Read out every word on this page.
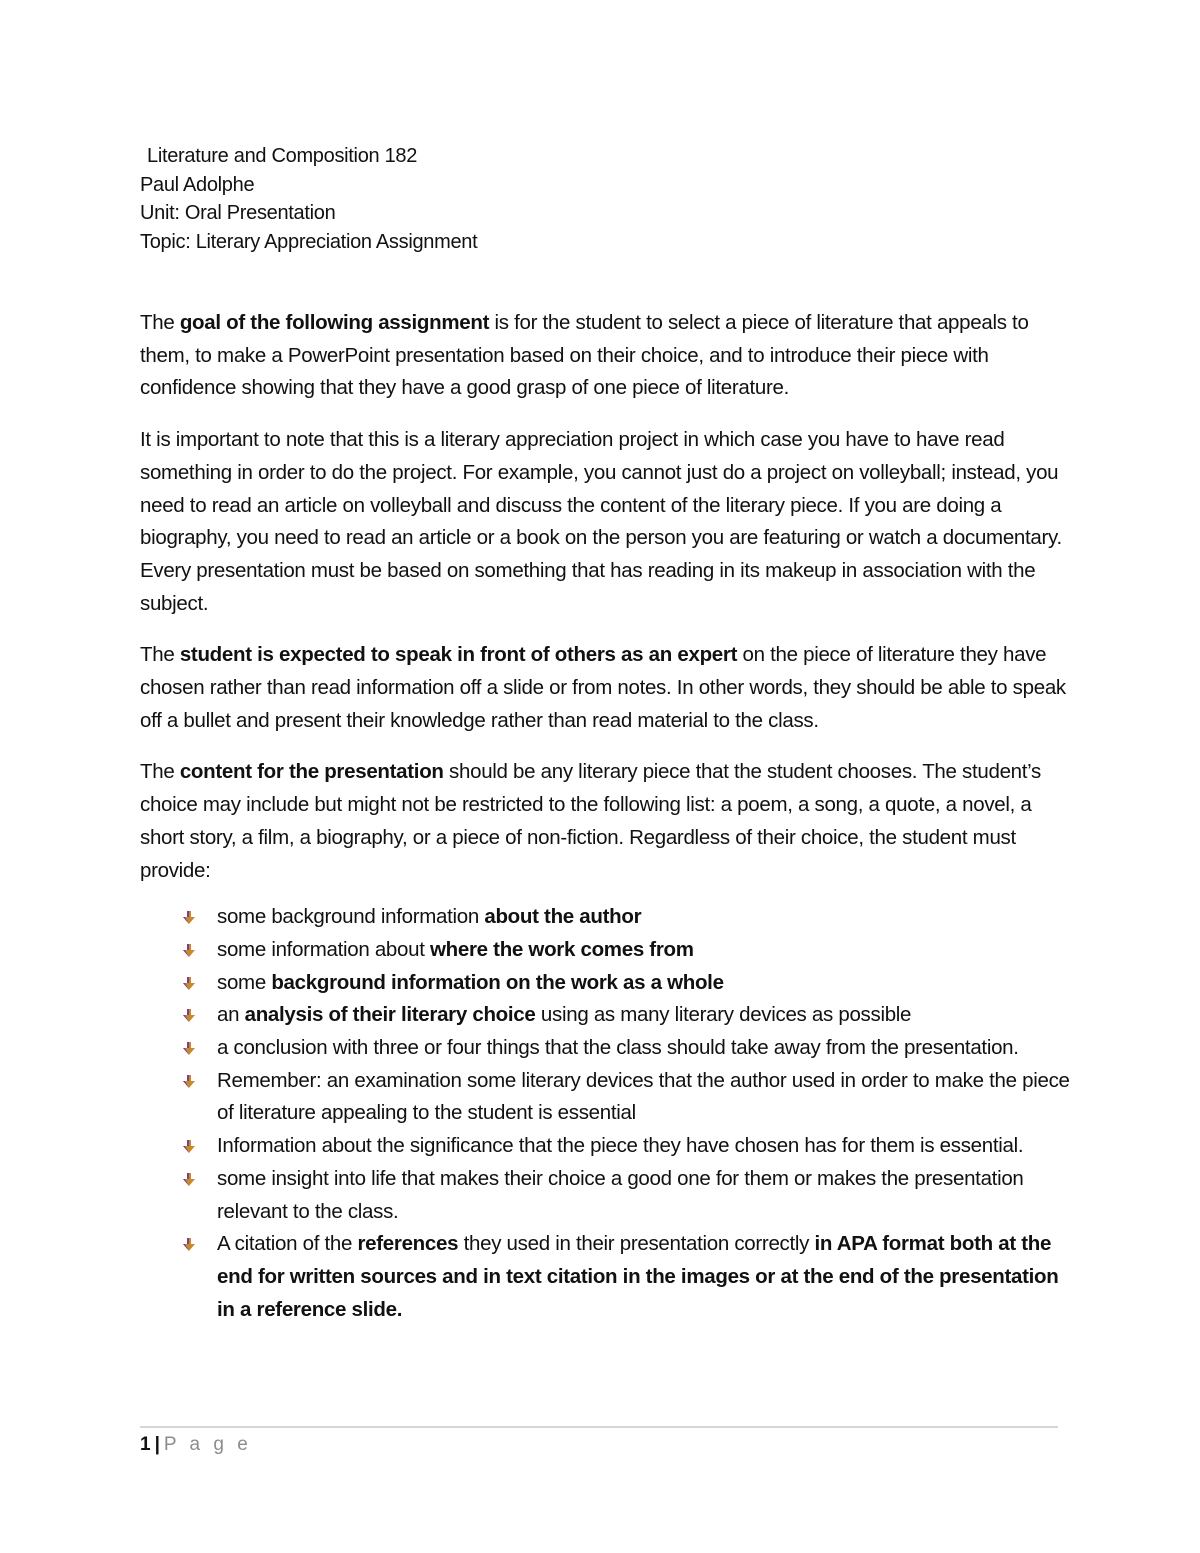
Literature and Composition 182
Paul Adolphe
Unit: Oral Presentation
Topic: Literary Appreciation Assignment

The goal of the following assignment is for the student to select a piece of literature that appeals to them, to make a PowerPoint presentation based on their choice, and to introduce their piece with confidence showing that they have a good grasp of one piece of literature.

It is important to note that this is a literary appreciation project in which case you have to have read something in order to do the project. For example, you cannot just do a project on volleyball; instead, you need to read an article on volleyball and discuss the content of the literary piece. If you are doing a biography, you need to read an article or a book on the person you are featuring or watch a documentary. Every presentation must be based on something that has reading in its makeup in association with the subject.

The student is expected to speak in front of others as an expert on the piece of literature they have chosen rather than read information off a slide or from notes. In other words, they should be able to speak off a bullet and present their knowledge rather than read material to the class.

The content for the presentation should be any literary piece that the student chooses. The student’s choice may include but might not be restricted to the following list: a poem, a song, a quote, a novel, a short story, a film, a biography, or a piece of non-fiction. Regardless of their choice, the student must provide:

some background information about the author
some information about where the work comes from
some background information on the work as a whole
an analysis of their literary choice using as many literary devices as possible
a conclusion with three or four things that the class should take away from the presentation.
Remember: an examination some literary devices that the author used in order to make the piece of literature appealing to the student is essential
Information about the significance that the piece they have chosen has for them is essential.
some insight into life that makes their choice a good one for them or makes the presentation relevant to the class.
A citation of the references they used in their presentation correctly in APA format both at the end for written sources and in text citation in the images or at the end of the presentation in a reference slide.
1 | P a g e
